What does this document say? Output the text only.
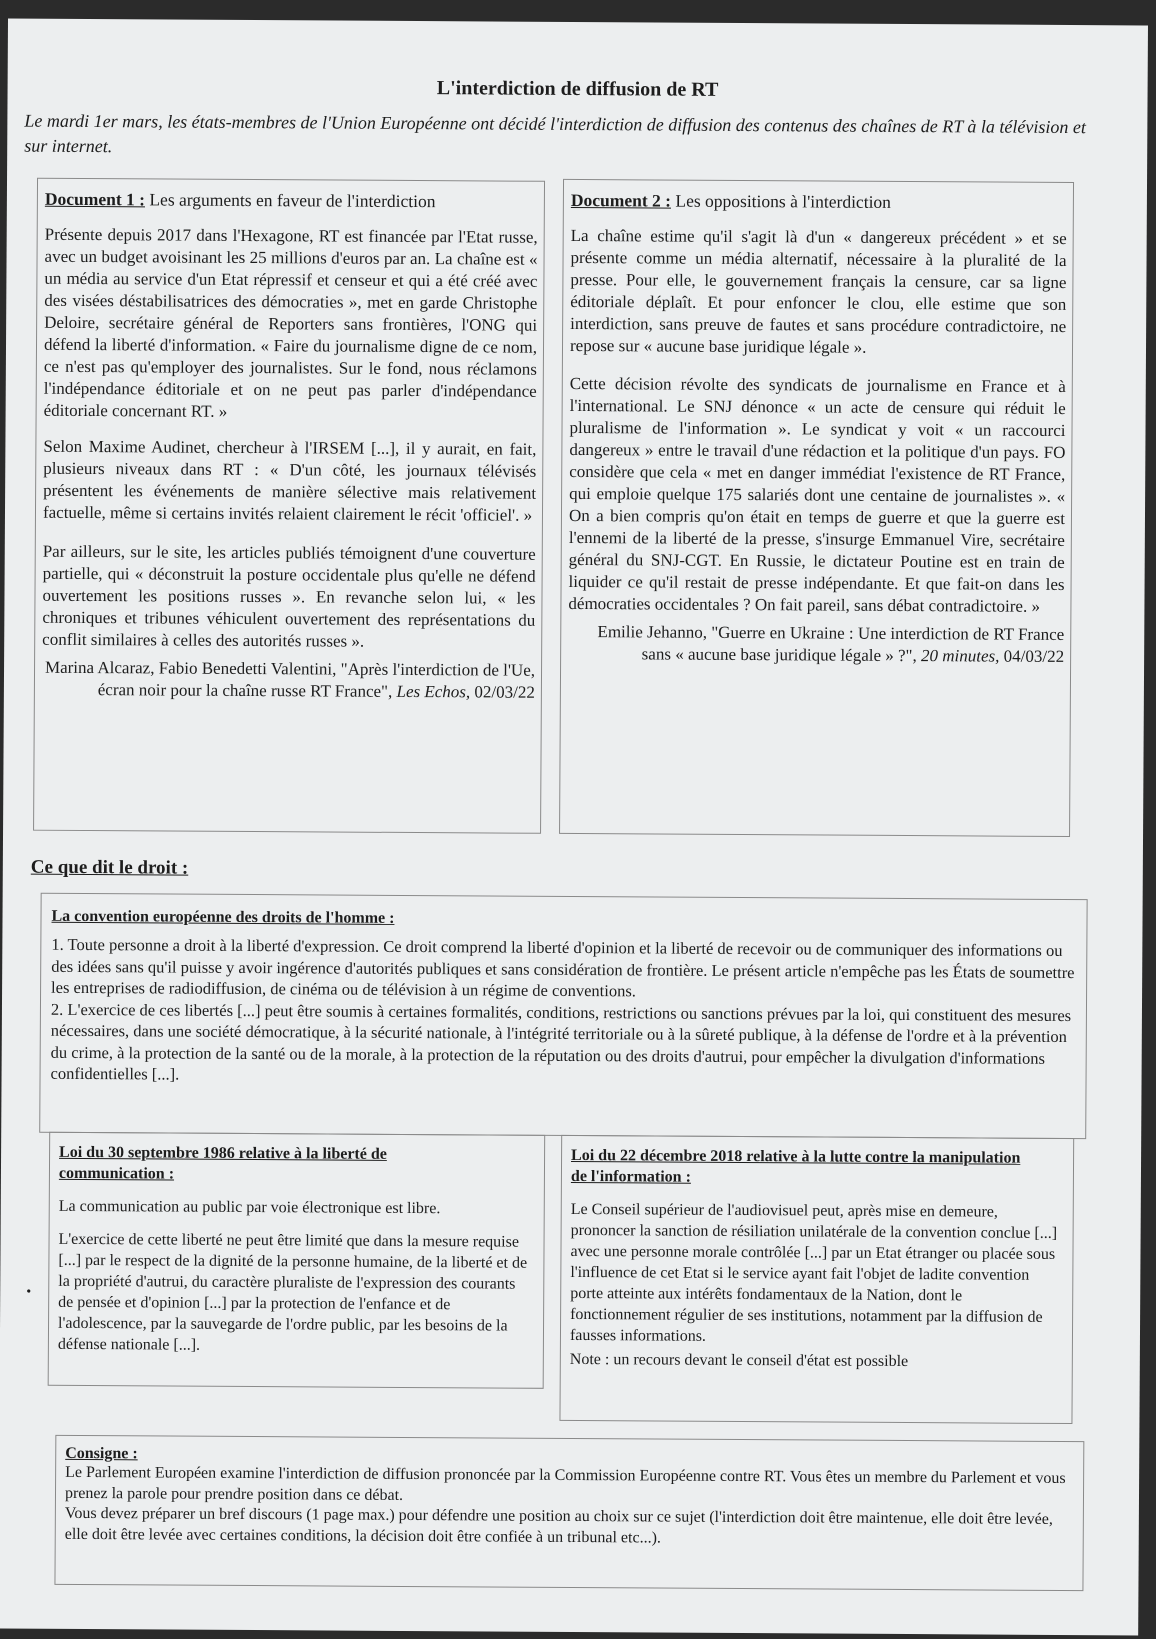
L'interdiction de diffusion de RT
Le mardi 1er mars, les états-membres de l'Union Européenne ont décidé l'interdiction de diffusion des contenus des chaînes de RT à la télévision et sur internet.
Document 1 : Les arguments en faveur de l'interdiction

Présente depuis 2017 dans l'Hexagone, RT est financée par l'Etat russe, avec un budget avoisinant les 25 millions d'euros par an. La chaîne est « un média au service d'un Etat répressif et censeur et qui a été créé avec des visées déstabilisatrices des démocraties », met en garde Christophe Deloire, secrétaire général de Reporters sans frontières, l'ONG qui défend la liberté d'information. « Faire du journalisme digne de ce nom, ce n'est pas qu'employer des journalistes. Sur le fond, nous réclamons l'indépendance éditoriale et on ne peut pas parler d'indépendance éditoriale concernant RT. »

Selon Maxime Audinet, chercheur à l'IRSEM [...], il y aurait, en fait, plusieurs niveaux dans RT : « D'un côté, les journaux télévisés présentent les événements de manière sélective mais relativement factuelle, même si certains invités relaient clairement le récit 'officiel'. »

Par ailleurs, sur le site, les articles publiés témoignent d'une couverture partielle, qui « déconstruit la posture occidentale plus qu'elle ne défend ouvertement les positions russes ». En revanche selon lui, « les chroniques et tribunes véhiculent ouvertement des représentations du conflit similaires à celles des autorités russes ».

Marina Alcaraz, Fabio Benedetti Valentini, "Après l'interdiction de l'Ue, écran noir pour la chaîne russe RT France", Les Echos, 02/03/22
Document 2 : Les oppositions à l'interdiction

La chaîne estime qu'il s'agit là d'un « dangereux précédent » et se présente comme un média alternatif, nécessaire à la pluralité de la presse. Pour elle, le gouvernement français la censure, car sa ligne éditoriale déplaît. Et pour enfoncer le clou, elle estime que son interdiction, sans preuve de fautes et sans procédure contradictoire, ne repose sur « aucune base juridique légale ».

Cette décision révolte des syndicats de journalisme en France et à l'international. Le SNJ dénonce « un acte de censure qui réduit le pluralisme de l'information ». Le syndicat y voit « un raccourci dangereux » entre le travail d'une rédaction et la politique d'un pays. FO considère que cela « met en danger immédiat l'existence de RT France, qui emploie quelque 175 salariés dont une centaine de journalistes ». « On a bien compris qu'on était en temps de guerre et que la guerre est l'ennemi de la liberté de la presse, s'insurge Emmanuel Vire, secrétaire général du SNJ-CGT. En Russie, le dictateur Poutine est en train de liquider ce qu'il restait de presse indépendante. Et que fait-on dans les démocraties occidentales ? On fait pareil, sans débat contradictoire. »

Emilie Jehanno, "Guerre en Ukraine : Une interdiction de RT France sans « aucune base juridique légale » ?", 20 minutes, 04/03/22
Ce que dit le droit :
La convention européenne des droits de l'homme :

1. Toute personne a droit à la liberté d'expression. Ce droit comprend la liberté d'opinion et la liberté de recevoir ou de communiquer des informations ou des idées sans qu'il puisse y avoir ingérence d'autorités publiques et sans considération de frontière. Le présent article n'empêche pas les États de soumettre les entreprises de radiodiffusion, de cinéma ou de télévision à un régime de conventions.

2. L'exercice de ces libertés [...] peut être soumis à certaines formalités, conditions, restrictions ou sanctions prévues par la loi, qui constituent des mesures nécessaires, dans une société démocratique, à la sécurité nationale, à l'intégrité territoriale ou à la sûreté publique, à la défense de l'ordre et à la prévention du crime, à la protection de la santé ou de la morale, à la protection de la réputation ou des droits d'autrui, pour empêcher la divulgation d'informations confidentielles [...].

Loi du 30 septembre 1986 relative à la liberté de communication :

La communication au public par voie électronique est libre.

L'exercice de cette liberté ne peut être limité que dans la mesure requise [...] par le respect de la dignité de la personne humaine, de la liberté et de la propriété d'autrui, du caractère pluraliste de l'expression des courants de pensée et d'opinion [...] par la protection de l'enfance et de l'adolescence, par la sauvegarde de l'ordre public, par les besoins de la défense nationale [...].

Loi du 22 décembre 2018 relative à la lutte contre la manipulation de l'information :

Le Conseil supérieur de l'audiovisuel peut, après mise en demeure, prononcer la sanction de résiliation unilatérale de la convention conclue [...] avec une personne morale contrôlée [...] par un Etat étranger ou placée sous l'influence de cet Etat si le service ayant fait l'objet de ladite convention porte atteinte aux intérêts fondamentaux de la Nation, dont le fonctionnement régulier de ses institutions, notamment par la diffusion de fausses informations.

Note : un recours devant le conseil d'état est possible

Consigne :

Le Parlement Européen examine l'interdiction de diffusion prononcée par la Commission Européenne contre RT. Vous êtes un membre du Parlement et vous prenez la parole pour prendre position dans ce débat.

Vous devez préparer un bref discours (1 page max.) pour défendre une position au choix sur ce sujet (l'interdiction doit être maintenue, elle doit être levée, elle doit être levée avec certaines conditions, la décision doit être confiée à un tribunal etc...).

•
